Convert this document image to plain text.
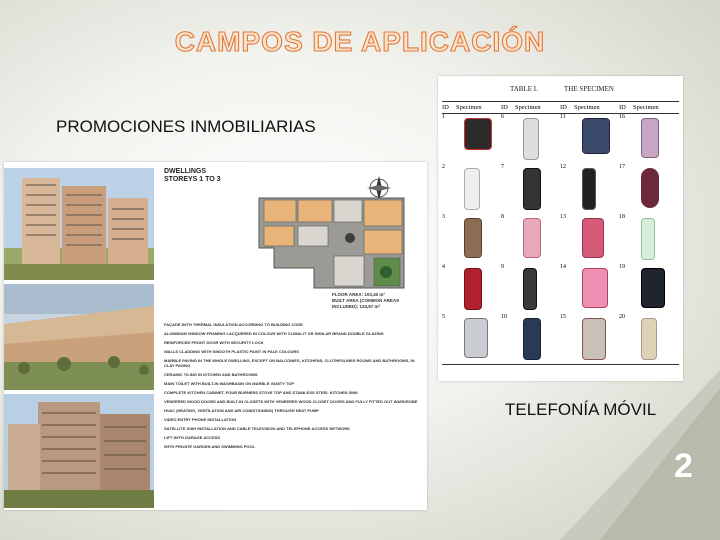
CAMPOS DE APLICACIÓN
PROMOCIONES INMOBILIARIAS
DWELLINGS
STOREYS 1 TO 3
FLOOR AREA: 103,40 m²
BUILT AREA (COMMON AREAS INCLUDED): 133,57 m²
FAÇADE WITH THERMAL INSULATION ACCORDING TO BUILDING CODE
ALUMINIUM WINDOW FRAMING LACQUERED IN COLOUR WITH CLIMALIT OR SIMILAR BRAND DOUBLE GLAZING
REINFORCED FRONT DOOR WITH SECURITY LOCK
WALLS CLADDING WITH SMOOTH PLASTIC PAINT IN PALE COLOURS
MARBLE PAVING IN THE WHOLE DWELLING, EXCEPT ON BALCONIES, KITCHENS, CLOTHESLINES ROOMS AND BATHROOMS, IN CLAY PAVING
CERAMIC TILING IN KITCHEN AND BATHROOMS
MAIN TOILET WITH BUILT-IN WASHBASIN ON MARBLE VANITY TOP
COMPLETE KITCHEN CABINET, FOUR BURNERS STOVE TOP AND STAINLESS STEEL KITCHEN SINK
VENEERED WOOD DOORS AND BUILT-IN CLOSETS WITH VENEERED WOOD CLOSET DOORS AND FULLY FITTED OUT WARDROBE
HVAC (HEATING, VENTILATION AND AIR CONDITIONING) THROUGH HEAT PUMP
VIDEO ENTRY PHONE INSTALLATION
SATELLITE DISH INSTALLATION AND CABLE TELEVISION AND TELEPHONE ACCESS NETWORK
LIFT WITH GARAGE ACCESS
WITH PRIVATE GARDEN AND SWIMMING POOL
TABLE I.	THE SPECIMEN
ID	Specimen	ID	Specimen	ID	Specimen	ID	Specimen
1		6		11		16	

2		7		12		17	

3		8		13		18	

4		9		14		19	

5		10		15		20	
TELEFONÍA MÓVIL
2
